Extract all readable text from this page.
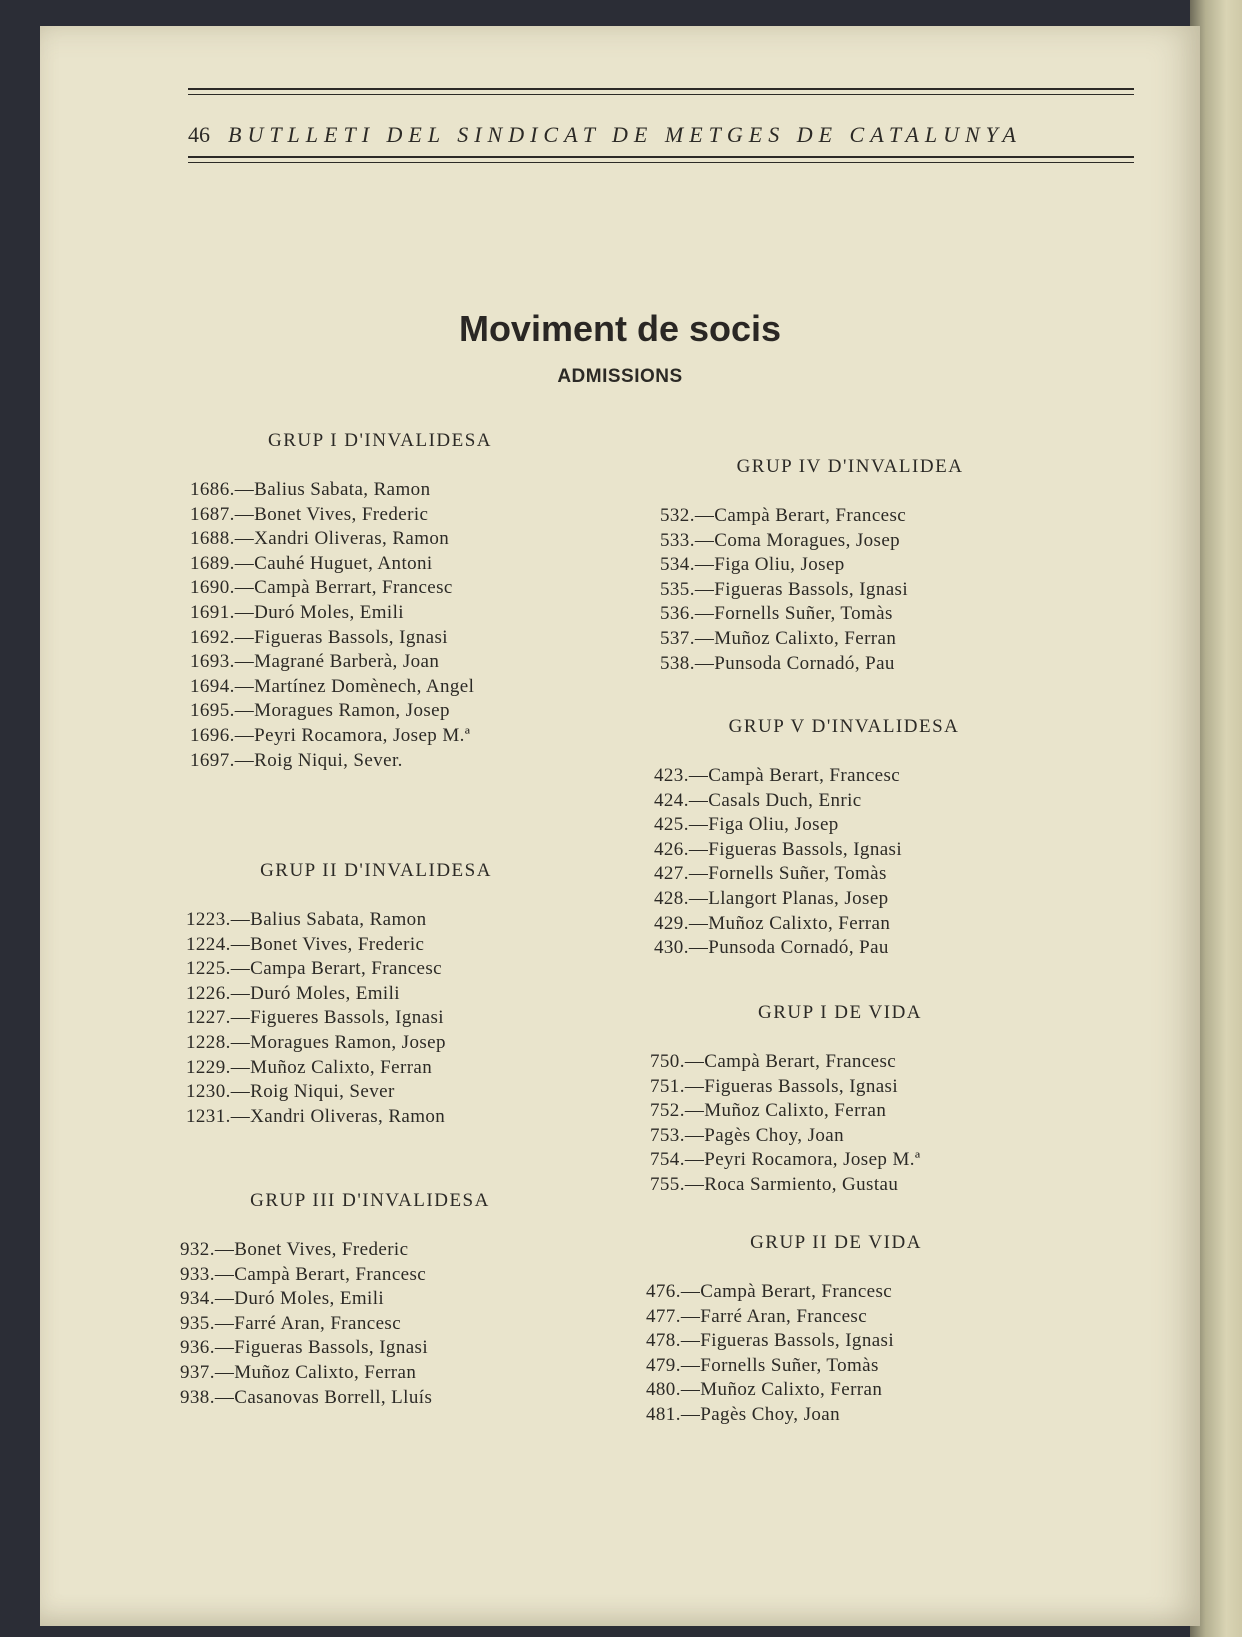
46 BUTLLETI DEL SINDICAT DE METGES DE CATALUNYA
Moviment de socis
ADMISSIONS
GRUP I D'INVALIDESA
1686.—Balius Sabata, Ramon
1687.—Bonet Vives, Frederic
1688.—Xandri Oliveras, Ramon
1689.—Cauhé Huguet, Antoni
1690.—Campà Berrart, Francesc
1691.—Duró Moles, Emili
1692.—Figueras Bassols, Ignasi
1693.—Magrané Barberà, Joan
1694.—Martínez Domènech, Angel
1695.—Moragues Ramon, Josep
1696.—Peyri Rocamora, Josep M.ª
1697.—Roig Niqui, Sever.
GRUP II D'INVALIDESA
1223.—Balius Sabata, Ramon
1224.—Bonet Vives, Frederic
1225.—Campa Berart, Francesc
1226.—Duró Moles, Emili
1227.—Figueres Bassols, Ignasi
1228.—Moragues Ramon, Josep
1229.—Muñoz Calixto, Ferran
1230.—Roig Niqui, Sever
1231.—Xandri Oliveras, Ramon
GRUP III D'INVALIDESA
932.—Bonet Vives, Frederic
933.—Campà Berart, Francesc
934.—Duró Moles, Emili
935.—Farré Aran, Francesc
936.—Figueras Bassols, Ignasi
937.—Muñoz Calixto, Ferran
938.—Casanovas Borrell, Lluís
GRUP IV D'INVALIDEA
532.—Campà Berart, Francesc
533.—Coma Moragues, Josep
534.—Figa Oliu, Josep
535.—Figueras Bassols, Ignasi
536.—Fornells Suñer, Tomàs
537.—Muñoz Calixto, Ferran
538.—Punsoda Cornadó, Pau
GRUP V D'INVALIDESA
423.—Campà Berart, Francesc
424.—Casals Duch, Enric
425.—Figa Oliu, Josep
426.—Figueras Bassols, Ignasi
427.—Fornells Suñer, Tomàs
428.—Llangort Planas, Josep
429.—Muñoz Calixto, Ferran
430.—Punsoda Cornadó, Pau
GRUP I DE VIDA
750.—Campà Berart, Francesc
751.—Figueras Bassols, Ignasi
752.—Muñoz Calixto, Ferran
753.—Pagès Choy, Joan
754.—Peyri Rocamora, Josep M.ª
755.—Roca Sarmiento, Gustau
GRUP II DE VIDA
476.—Campà Berart, Francesc
477.—Farré Aran, Francesc
478.—Figueras Bassols, Ignasi
479.—Fornells Suñer, Tomàs
480.—Muñoz Calixto, Ferran
481.—Pagès Choy, Joan
